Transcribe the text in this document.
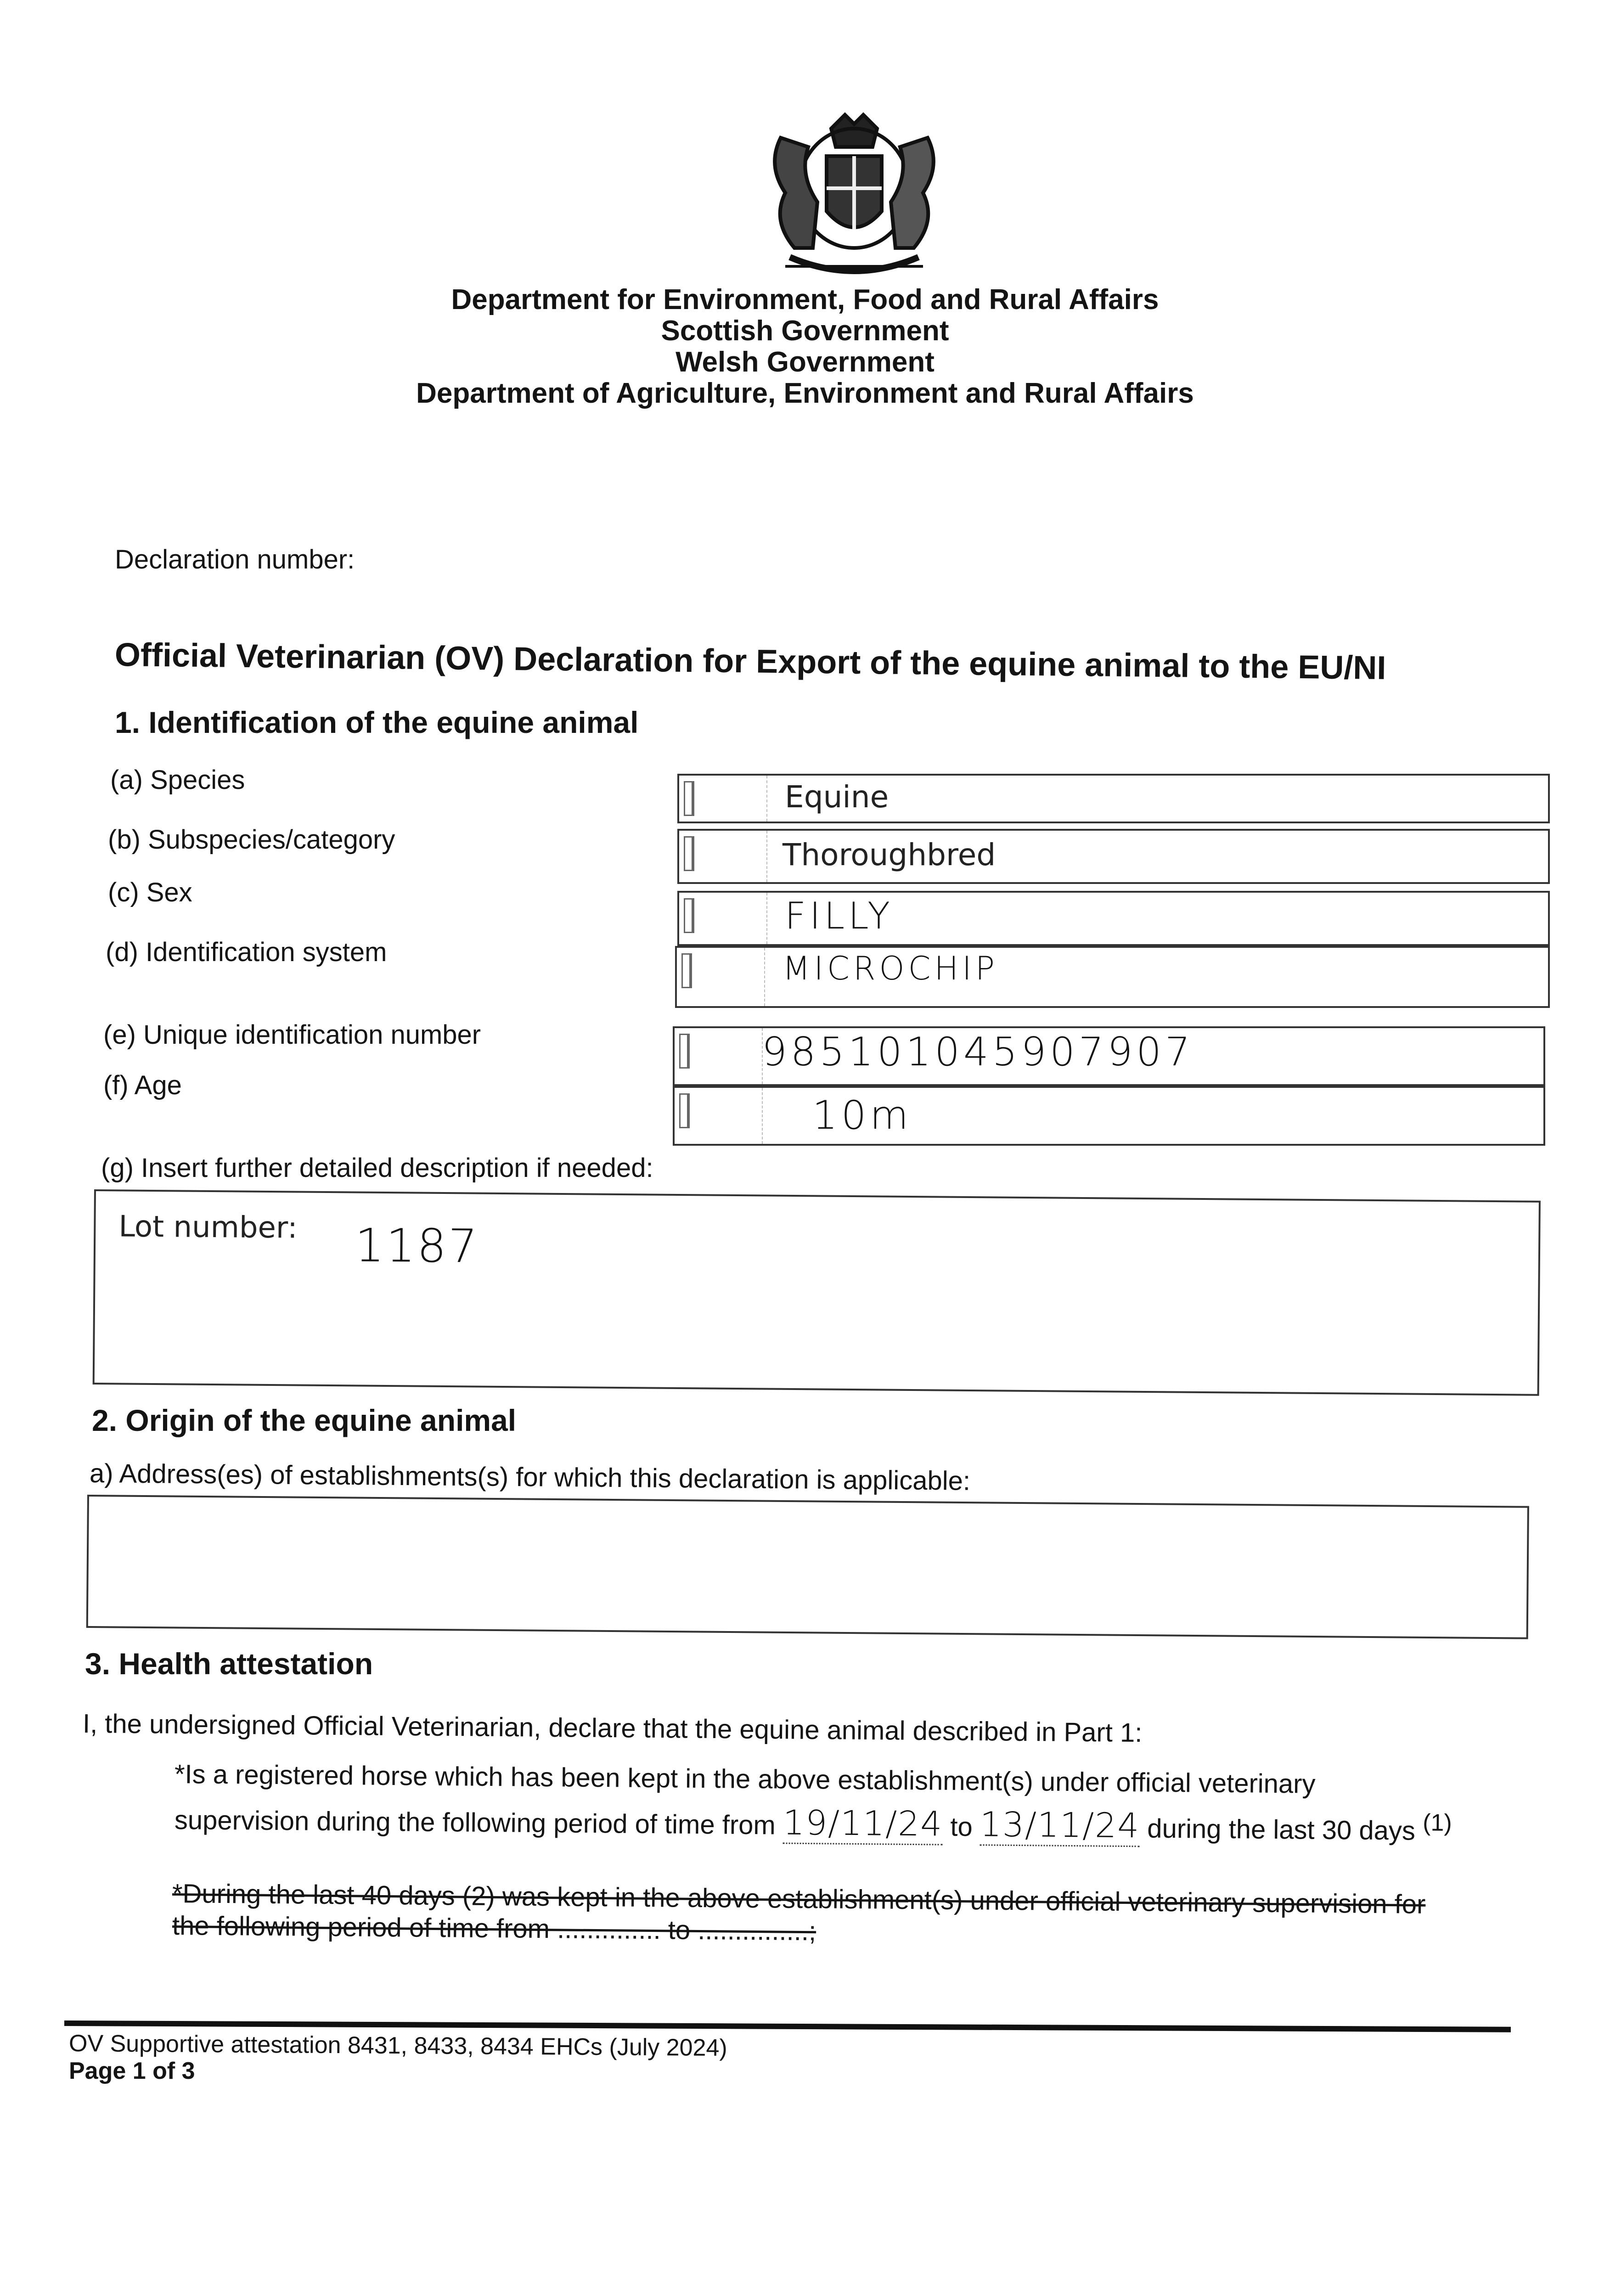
Department for Environment, Food and Rural Affairs
Scottish Government
Welsh Government
Department of Agriculture, Environment and Rural Affairs
Declaration number:
Official Veterinarian (OV) Declaration for Export of the equine animal to the EU/NI
1. Identification of the equine animal
(a) Species
(b) Subspecies/category
(c) Sex
(d) Identification system
(e) Unique identification number
(f) Age
Equine
Thoroughbred
FILLY
MICROCHIP
985101045907907
10m
(g) Insert further detailed description if needed:
Lot number: 1187
2. Origin of the equine animal
a) Address(es) of establishments(s) for which this declaration is applicable:
3. Health attestation
I, the undersigned Official Veterinarian, declare that the equine animal described in Part 1:
*Is a registered horse which has been kept in the above establishment(s) under official veterinary
supervision during the following period of time from 19/11/24 to 13/11/24 during the last 30 days $^{(1)}$
*During the last 40 days (2) was kept in the above establishment(s) under official veterinary supervision for
the following period of time from .............. to ...............;
OV Supportive attestation 8431, 8433, 8434 EHCs (July 2024)
Page 1 of 3
